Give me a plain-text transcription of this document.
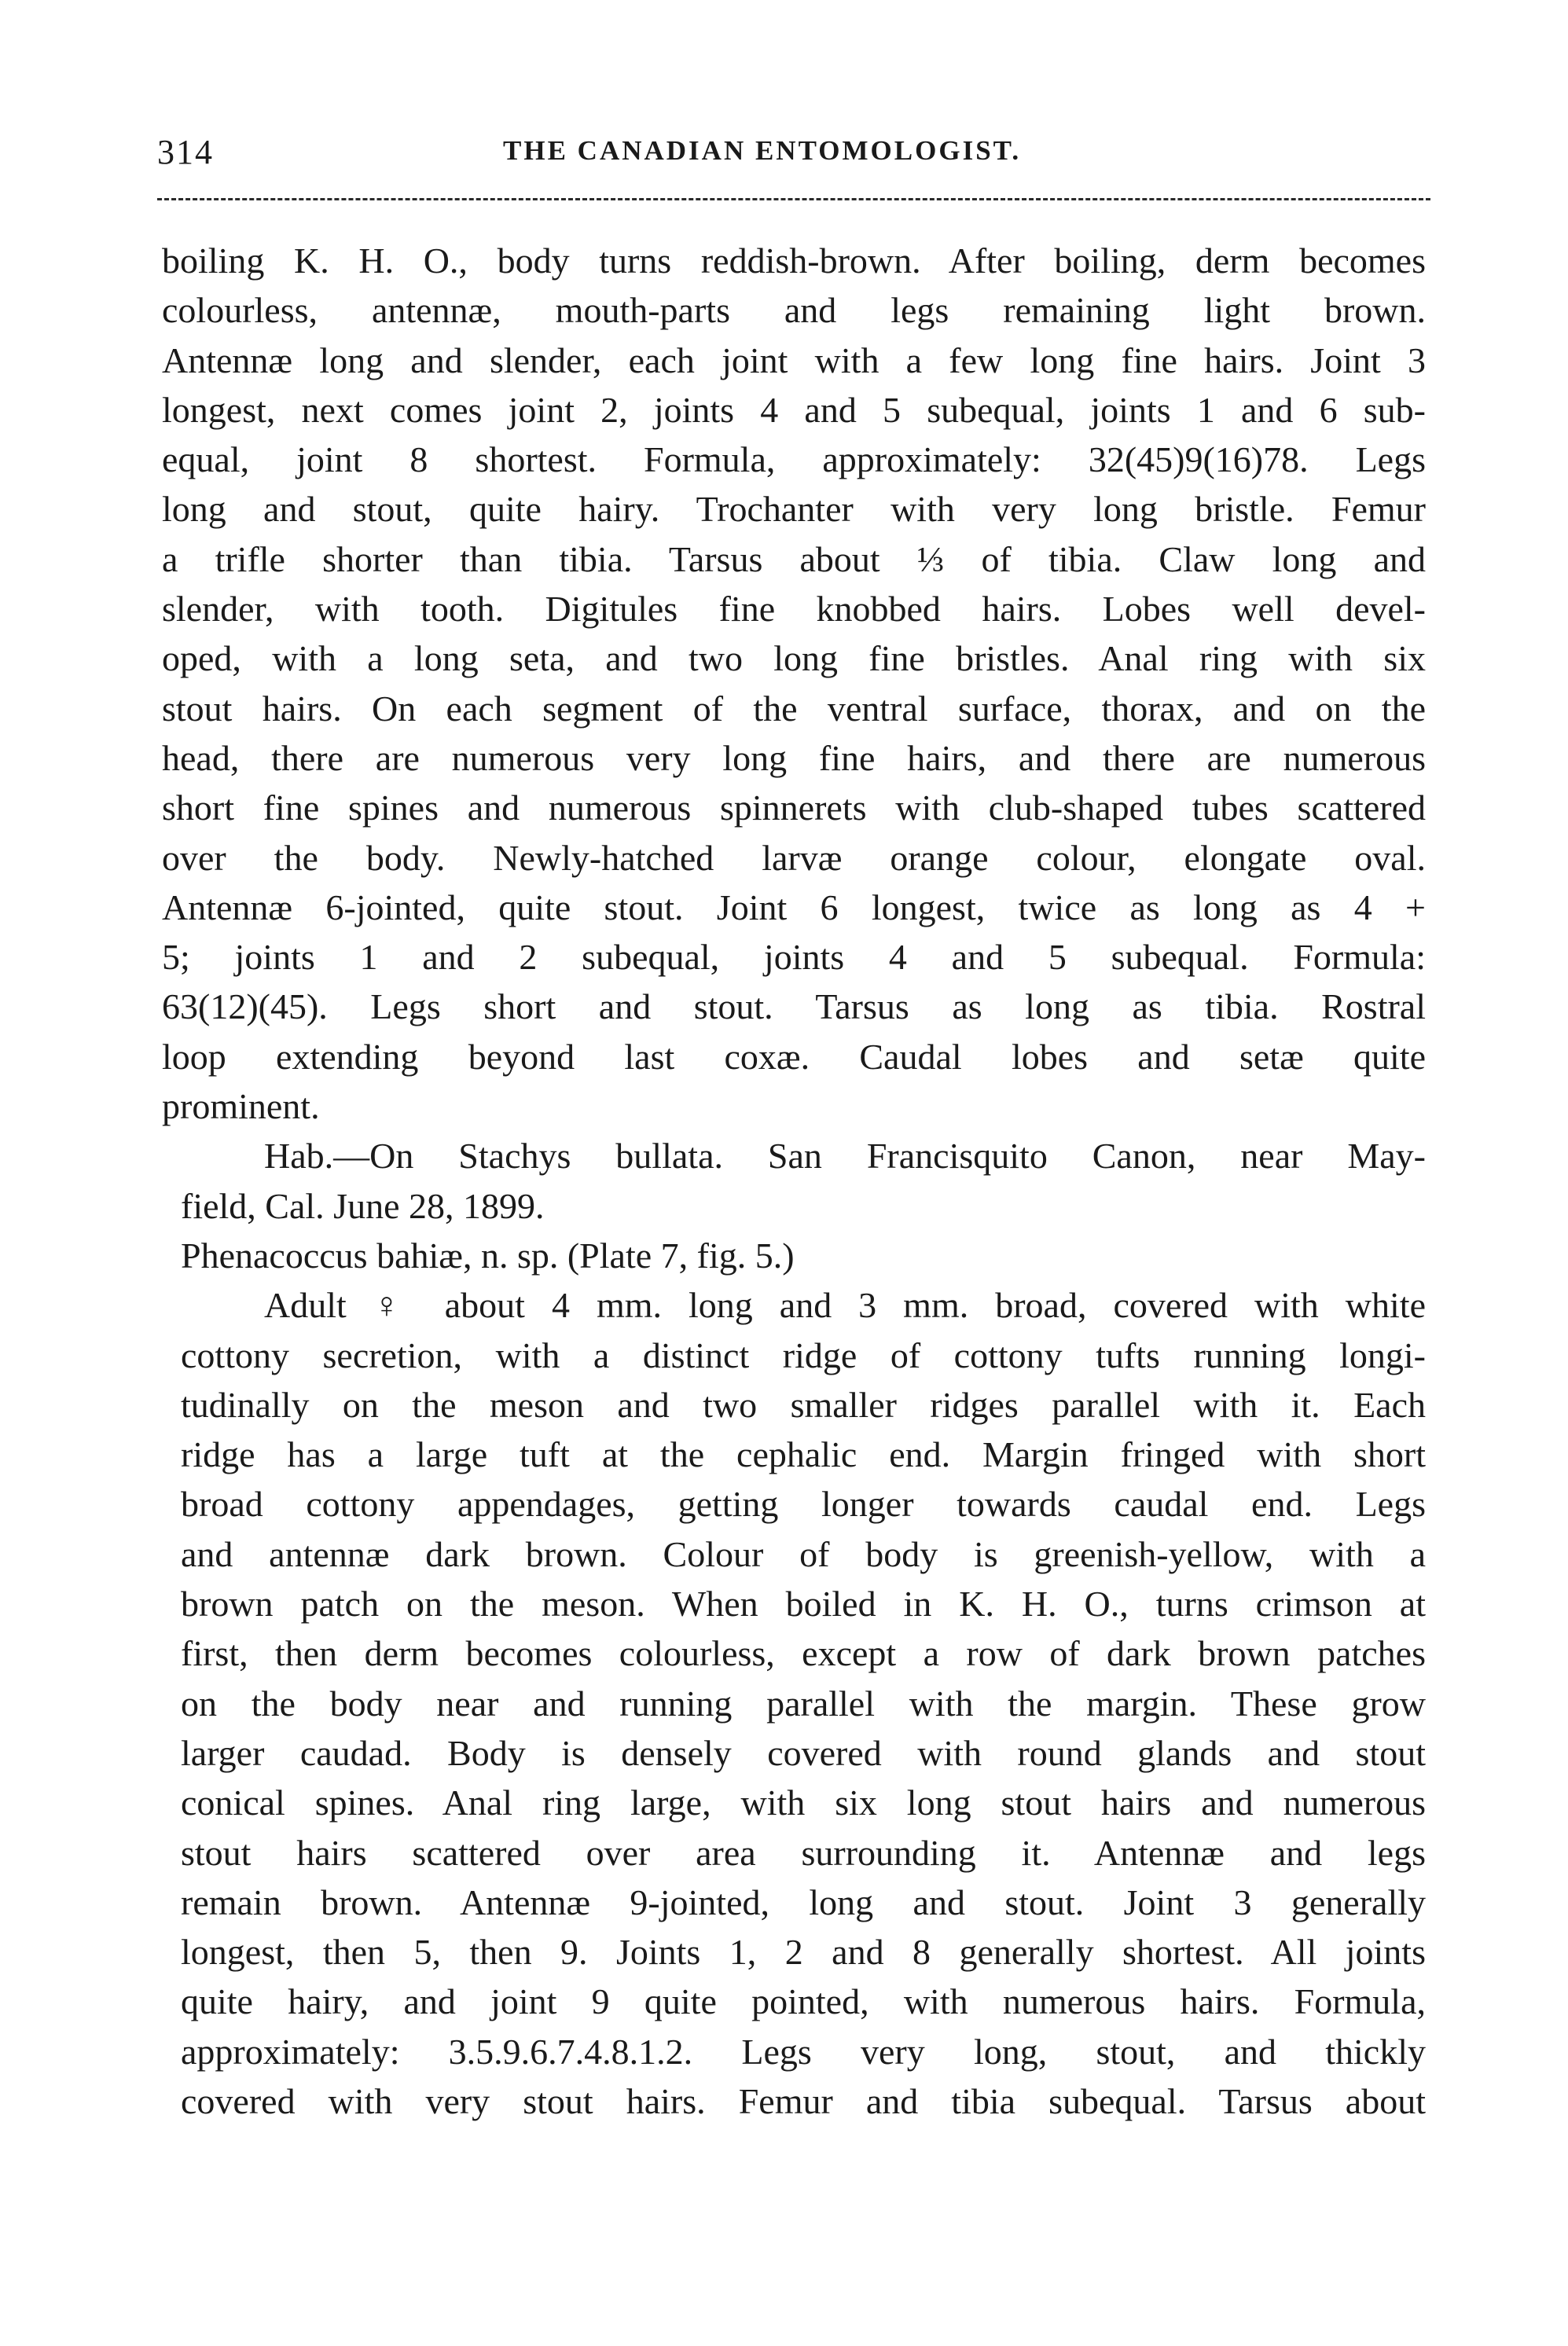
314	THE CANADIAN ENTOMOLOGIST.
boiling K. H. O., body turns reddish-brown. After boiling, derm becomes
colourless, antennæ, mouth-parts and legs remaining light brown.
Antennæ long and slender, each joint with a few long fine hairs. Joint 3
longest, next comes joint 2, joints 4 and 5 subequal, joints 1 and 6 sub-
equal, joint 8 shortest. Formula, approximately: 32(45)9(16)78. Legs
long and stout, quite hairy. Trochanter with very long bristle. Femur
a trifle shorter than tibia. Tarsus about ⅓ of tibia. Claw long and
slender, with tooth. Digitules fine knobbed hairs. Lobes well devel-
oped, with a long seta, and two long fine bristles. Anal ring with six
stout hairs. On each segment of the ventral surface, thorax, and on the
head, there are numerous very long fine hairs, and there are numerous
short fine spines and numerous spinnerets with club-shaped tubes scattered
over the body. Newly-hatched larvæ orange colour, elongate oval.
Antennæ 6-jointed, quite stout. Joint 6 longest, twice as long as 4 +
5; joints 1 and 2 subequal, joints 4 and 5 subequal. Formula:
63(12)(45). Legs short and stout. Tarsus as long as tibia. Rostral
loop extending beyond last coxæ. Caudal lobes and setæ quite
prominent.
Hab.—On Stachys bullata. San Francisquito Canon, near May-
field, Cal. June 28, 1899.
Phenacoccus bahiæ, n. sp. (Plate 7, fig. 5.)
Adult ♀ about 4 mm. long and 3 mm. broad, covered with white
cottony secretion, with a distinct ridge of cottony tufts running longi-
tudinally on the meson and two smaller ridges parallel with it. Each
ridge has a large tuft at the cephalic end. Margin fringed with short
broad cottony appendages, getting longer towards caudal end. Legs
and antennæ dark brown. Colour of body is greenish-yellow, with a
brown patch on the meson. When boiled in K. H. O., turns crimson at
first, then derm becomes colourless, except a row of dark brown patches
on the body near and running parallel with the margin. These grow
larger caudad. Body is densely covered with round glands and stout
conical spines. Anal ring large, with six long stout hairs and numerous
stout hairs scattered over area surrounding it. Antennæ and legs
remain brown. Antennæ 9-jointed, long and stout. Joint 3 generally
longest, then 5, then 9. Joints 1, 2 and 8 generally shortest. All joints
quite hairy, and joint 9 quite pointed, with numerous hairs. Formula,
approximately: 3.5.9.6.7.4.8.1.2. Legs very long, stout, and thickly
covered with very stout hairs. Femur and tibia subequal. Tarsus about
